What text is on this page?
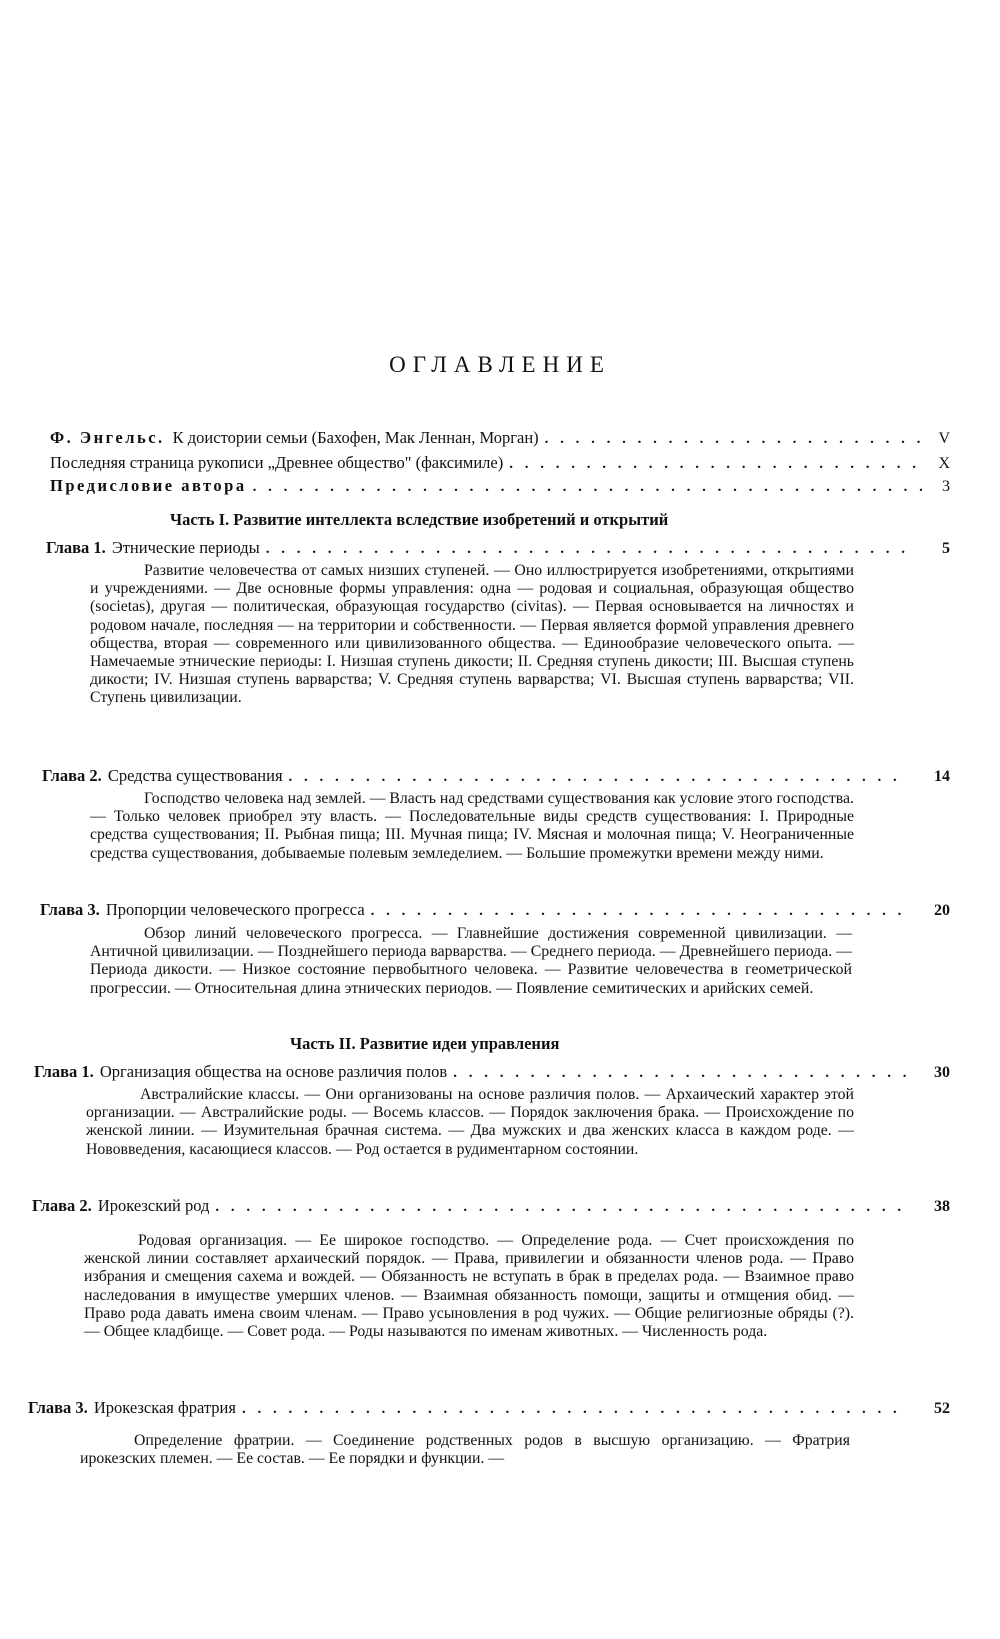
ОГЛАВЛЕНИЕ
Ф. Энгельс. К доистории семьи (Бахофен, Мак Леннан, Морган) . . .	V
Последняя страница рукописи „Древнее общество" (факсимиле) . . .	X
Предисловие автора . . .	3
Часть I. Развитие интеллекта вследствие изобретений и открытий
Глава 1. Этнические периоды . . .	5
Развитие человечества от самых низших ступеней. — Оно иллюстрируется изобретениями, открытиями и учреждениями. — Две основные формы управления: одна — родовая и социальная, образующая общество (societas), другая — политическая, образующая государство (civitas). — Первая основывается на личностях и родовом начале, последняя — на территории и собственности. — Первая является формой управления древнего общества, вторая — современного или цивилизованного общества. — Единообразие человеческого опыта. — Намечаемые этнические периоды: I. Низшая ступень дикости; II. Средняя ступень дикости; III. Высшая ступень дикости; IV. Низшая ступень варварства; V. Средняя ступень варварства; VI. Высшая ступень варварства; VII. Ступень цивилизации.
Глава 2. Средства существования . . .	14
Господство человека над землей. — Власть над средствами существования как условие этого господства. — Только человек приобрел эту власть. — Последовательные виды средств существования: I. Природные средства существования; II. Рыбная пища; III. Мучная пища; IV. Мясная и молочная пища; V. Неограниченные средства существования, добываемые полевым земледелием. — Большие промежутки времени между ними.
Глава 3. Пропорции человеческого прогресса . . .	20
Обзор линий человеческого прогресса. — Главнейшие достижения современной цивилизации. — Античной цивилизации. — Позднейшего периода варварства. — Среднего периода. — Древнейшего периода. — Периода дикости. — Низкое состояние первобытного человека. — Развитие человечества в геометрической прогрессии. — Относительная длина этнических периодов. — Появление семитических и арийских семей.
Часть II. Развитие идеи управления
Глава 1. Организация общества на основе различия полов . . .	30
Австралийские классы. — Они организованы на основе различия полов. — Архаический характер этой организации. — Австралийские роды. — Восемь классов. — Порядок заключения брака. — Происхождение по женской линии. — Изумительная брачная система. — Два мужских и два женских класса в каждом роде. — Нововведения, касающиеся классов. — Род остается в рудиментарном состоянии.
Глава 2. Ирокезский род . . .	38
Родовая организация. — Ее широкое господство. — Определение рода. — Счет происхождения по женской линии составляет архаический порядок. — Права, привилегии и обязанности членов рода. — Право избрания и смещения сахема и вождей. — Обязанность не вступать в брак в пределах рода. — Взаимное право наследования в имуществе умерших членов. — Взаимная обязанность помощи, защиты и отмщения обид. — Право рода давать имена своим членам. — Право усыновления в род чужих. — Общие религиозные обряды (?). — Общее кладбище. — Совет рода. — Роды называются по именам животных. — Численность рода.
Глава 3. Ирокезская фратрия . . .	52
Определение фратрии. — Соединение родственных родов в высшую организацию. — Фратрия ирокезских племен. — Ее состав. — Ее порядки и функции. —
